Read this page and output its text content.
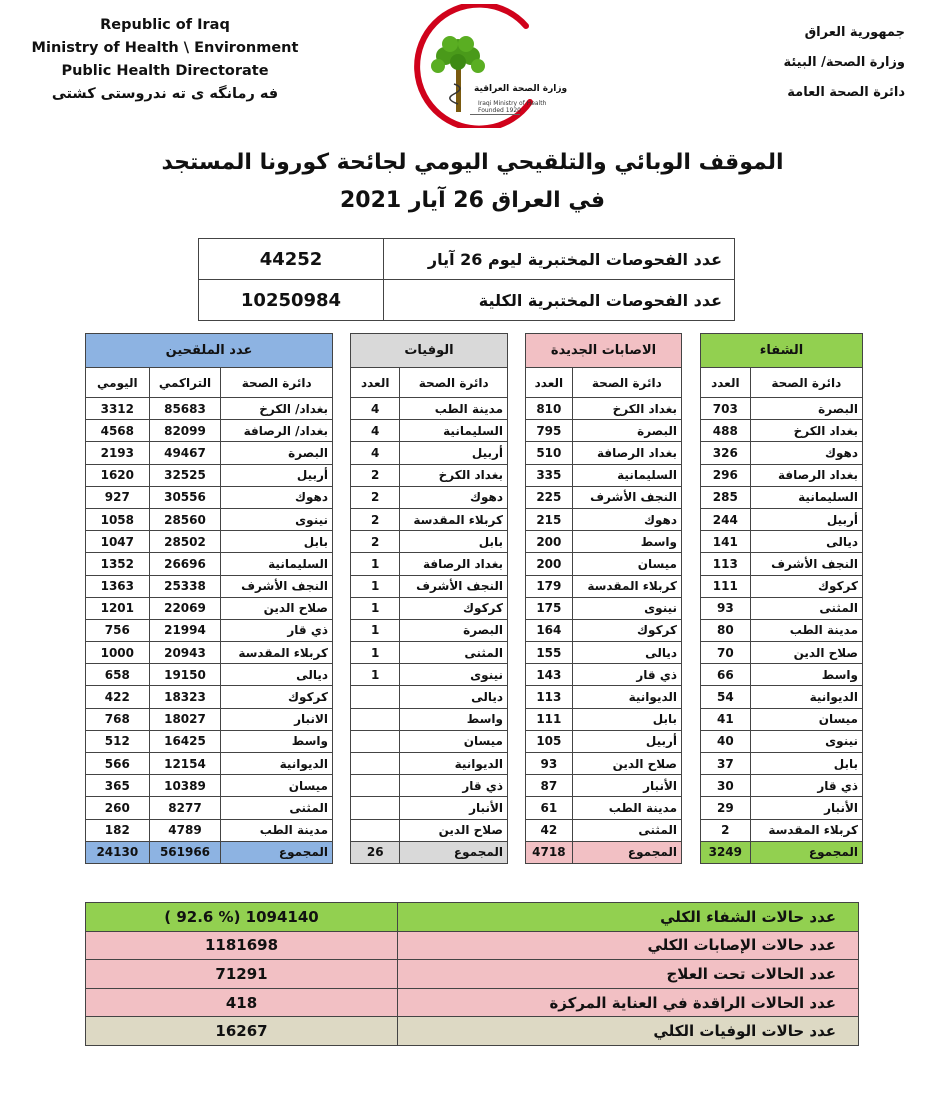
Republic of Iraq
Ministry of Health \ Environment
Public Health Directorate
فه رمانگه ى ته ندروستى كشتى	وزارة الصحة العراقية
Iraqi Ministry of Health
Founded 1920
جمهورية العراق
وزارة الصحة/ البيئة
دائرة الصحة العامة
الموقف الوبائي والتلقيحي اليومي لجائحة كورونا المستجد
في العراق 26 آيار 2021
44252	عدد الفحوصات المختبرية ليوم 26 آيار
10250984	عدد الفحوصات المختبرية الكلية
عدد الملقحين		
اليومي	التراكمي	دائرة الصحة
3312	85683	بغداد/ الكرخ
4568	82099	بغداد/ الرصافة
2193	49467	البصرة
1620	32525	أربيل
927	30556	دهوك
1058	28560	نينوى
1047	28502	بابل
1352	26696	السليمانية
1363	25338	النجف الأشرف
1201	22069	صلاح الدين
756	21994	ذي قار
1000	20943	كربلاء المقدسة
658	19150	ديالى
422	18323	كركوك
768	18027	الانبار
512	16425	واسط
566	12154	الديوانية
365	10389	ميسان
260	8277	المثنى
182	4789	مدينة الطب
24130	561966	المجموع
الوفيات	
العدد	دائرة الصحة
4	مدينة الطب
4	السليمانية
4	أربيل
2	بغداد الكرخ
2	دهوك
2	كربلاء المقدسة
2	بابل
1	بغداد الرصافة
1	النجف الأشرف
1	كركوك
1	البصرة
1	المثنى
1	نينوى
	ديالى
	واسط
	ميسان
	الديوانية
	ذي قار
	الأنبار
	صلاح الدين
26	المجموع
الاصابات الجديدة	
العدد	دائرة الصحة
810	بغداد الكرخ
795	البصرة
510	بغداد الرصافة
335	السليمانية
225	النجف الأشرف
215	دهوك
200	واسط
200	ميسان
179	كربلاء المقدسة
175	نينوى
164	كركوك
155	ديالى
143	ذي قار
113	الديوانية
111	بابل
105	أربيل
93	صلاح الدين
87	الأنبار
61	مدينة الطب
42	المثنى
4718	المجموع
الشفاء	
العدد	دائرة الصحة
703	البصرة
488	بغداد الكرخ
326	دهوك
296	بغداد الرصافة
285	السليمانية
244	أربيل
141	ديالى
113	النجف الأشرف
111	كركوك
93	المثنى
80	مدينة الطب
70	صلاح الدين
66	واسط
54	الديوانية
41	ميسان
40	نينوى
37	بابل
30	ذي قار
29	الأنبار
2	كربلاء المقدسة
3249	المجموع
( 92.6 %) 1094140	عدد حالات الشفاء الكلي
1181698	عدد حالات الإصابات الكلي
71291	عدد الحالات تحت العلاج
418	عدد الحالات الراقدة في العناية المركزة
16267	عدد حالات الوفيات الكلي
